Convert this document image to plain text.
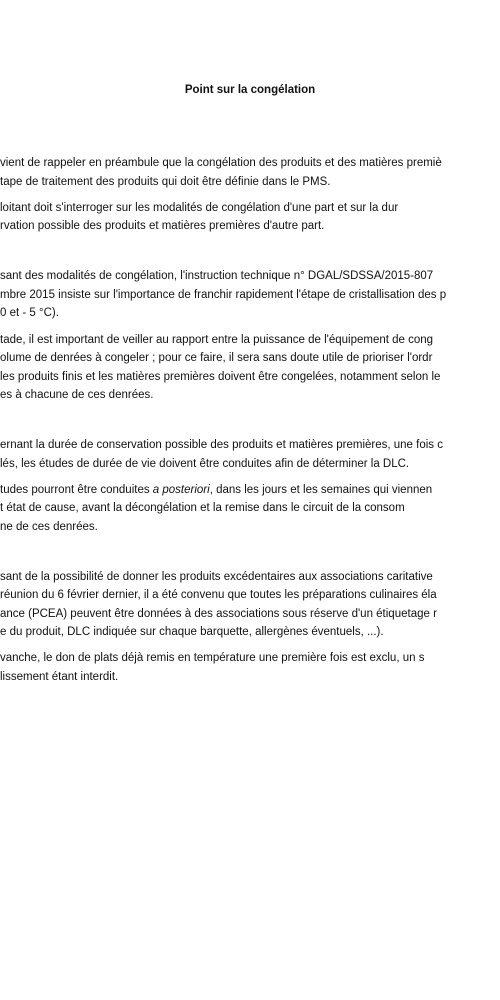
Point sur la congélation
vient de rappeler en préambule que la congélation des produits et des matières premiè
tape de traitement des produits qui doit être définie dans le PMS.
loitant doit s'interroger sur les modalités de congélation d'une part et sur la dur
rvation possible des produits et matières premières d'autre part.
sant des modalités de congélation, l'instruction technique n° DGAL/SDSSA/2015-807
mbre 2015 insiste sur l'importance de franchir rapidement l'étape de cristallisation des p
0 et - 5 °C).
tade, il est important de veiller au rapport entre la puissance de l'équipement de cong
olume de denrées à congeler ; pour ce faire, il sera sans doute utile de prioriser l'ordr
les produits finis et les matières premières doivent être congelées, notamment selon le
es à chacune de ces denrées.
ernant la durée de conservation possible des produits et matières premières, une fois c
lés, les études de durée de vie doivent être conduites afin de déterminer la DLC.
tudes pourront être conduites a posteriori, dans les jours et les semaines qui viennen
t état de cause, avant la décongélation et la remise dans le circuit de la consom
ne de ces denrées.
sant de la possibilité de donner les produits excédentaires aux associations caritative
réunion du 6 février dernier, il a été convenu que toutes les préparations culinaires éla
ance (PCEA) peuvent être données à des associations sous réserve d'un étiquetage r
e du produit, DLC indiquée sur chaque barquette, allergènes éventuels, ...).
vanche, le don de plats déjà remis en température une première fois est exclu, un s
lissement étant interdit.
